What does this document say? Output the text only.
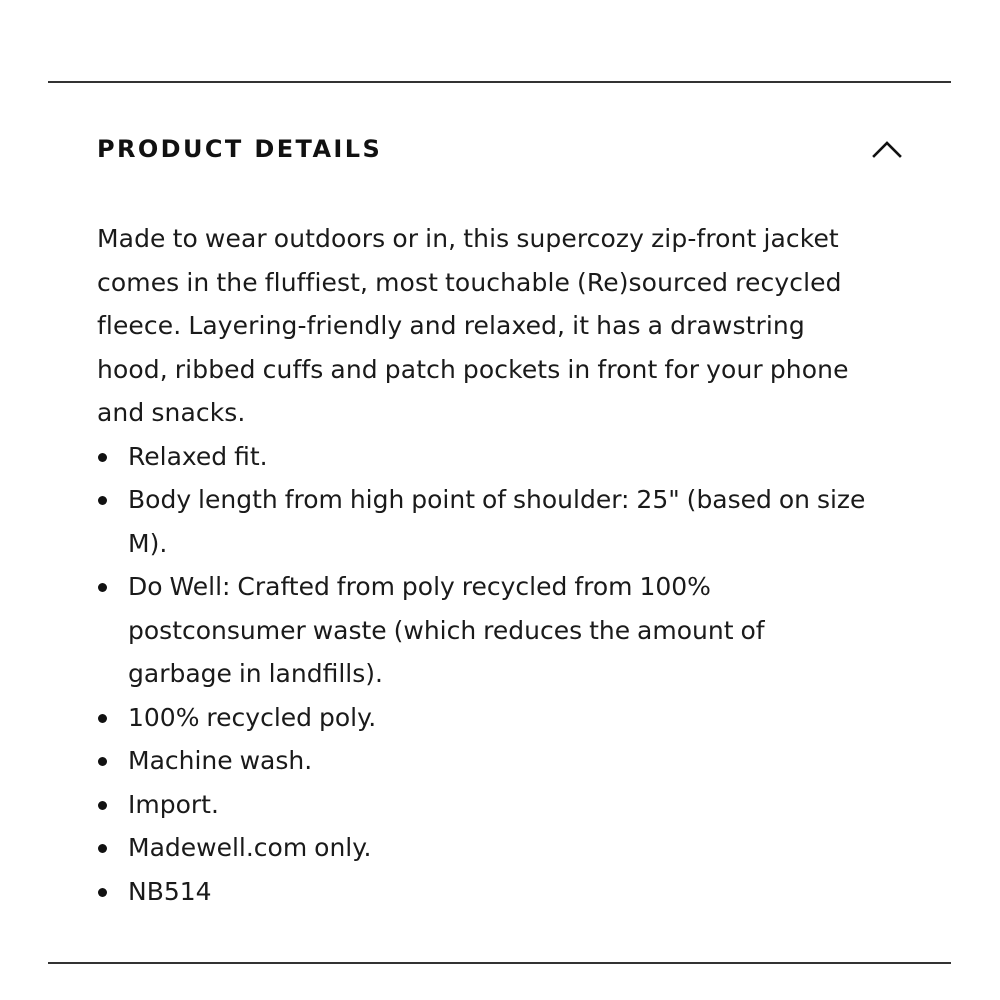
PRODUCT DETAILS

Made to wear outdoors or in, this supercozy zip-front jacket comes in the fluffiest, most touchable (Re)sourced recycled fleece. Layering-friendly and relaxed, it has a drawstring hood, ribbed cuffs and patch pockets in front for your phone and snacks.

Relaxed fit.
Body length from high point of shoulder: 25" (based on size M).
Do Well: Crafted from poly recycled from 100% postconsumer waste (which reduces the amount of garbage in landfills).
100% recycled poly.
Machine wash.
Import.
Madewell.com only.
NB514
